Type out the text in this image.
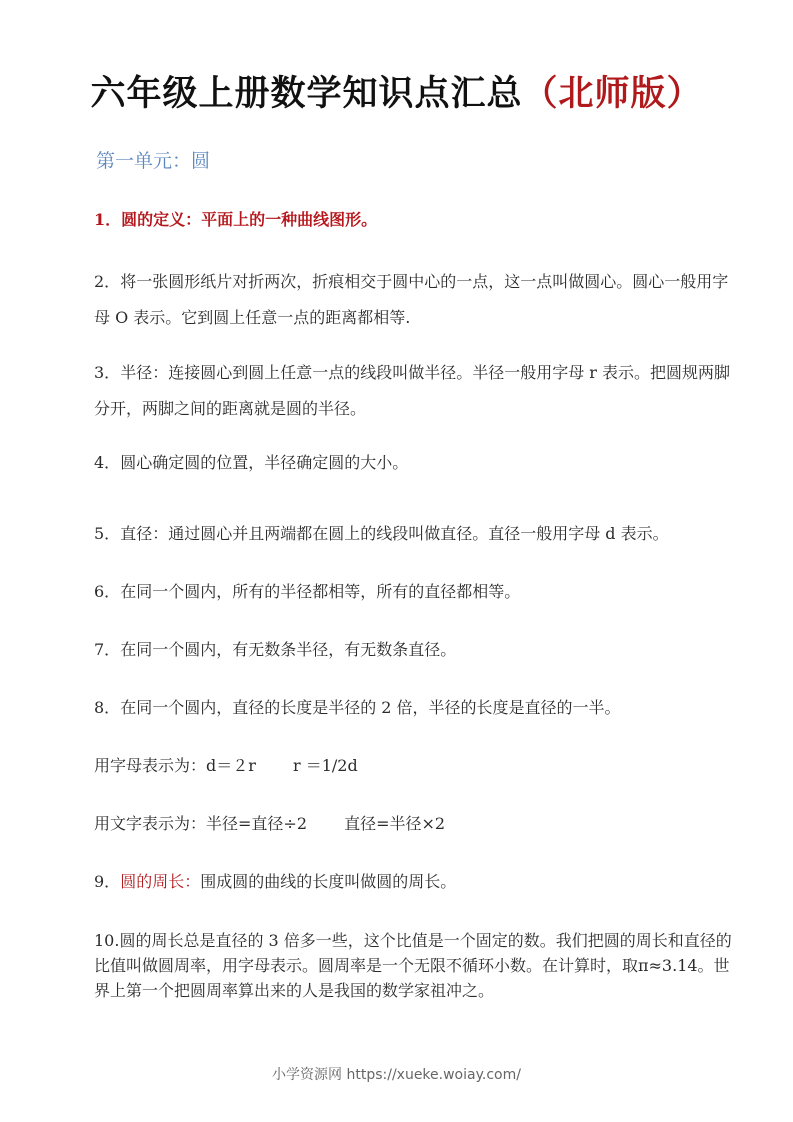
六年级上册数学知识点汇总（北师版）
第一单元：圆
1．圆的定义：平面上的一种曲线图形。
2．将一张圆形纸片对折两次，折痕相交于圆中心的一点，这一点叫做圆心。圆心一般用字母 O 表示。它到圆上任意一点的距离都相等.
3．半径：连接圆心到圆上任意一点的线段叫做半径。半径一般用字母 r 表示。把圆规两脚分开，两脚之间的距离就是圆的半径。
4．圆心确定圆的位置，半径确定圆的大小。
5．直径：通过圆心并且两端都在圆上的线段叫做直径。直径一般用字母 d 表示。
6．在同一个圆内，所有的半径都相等，所有的直径都相等。
7．在同一个圆内，有无数条半径，有无数条直径。
8．在同一个圆内，直径的长度是半径的 2 倍，半径的长度是直径的一半。
用字母表示为：d＝２r　　 r ＝1/2d
用文字表示为：半径=直径÷2　　 直径=半径×2
9．圆的周长：围成圆的曲线的长度叫做圆的周长。
10.圆的周长总是直径的 3 倍多一些，这个比值是一个固定的数。我们把圆的周长和直径的比值叫做圆周率，用字母表示。圆周率是一个无限不循环小数。在计算时，取π≈3.14。世界上第一个把圆周率算出来的人是我国的数学家祖冲之。
小学资源网 https://xueke.woiay.com/
